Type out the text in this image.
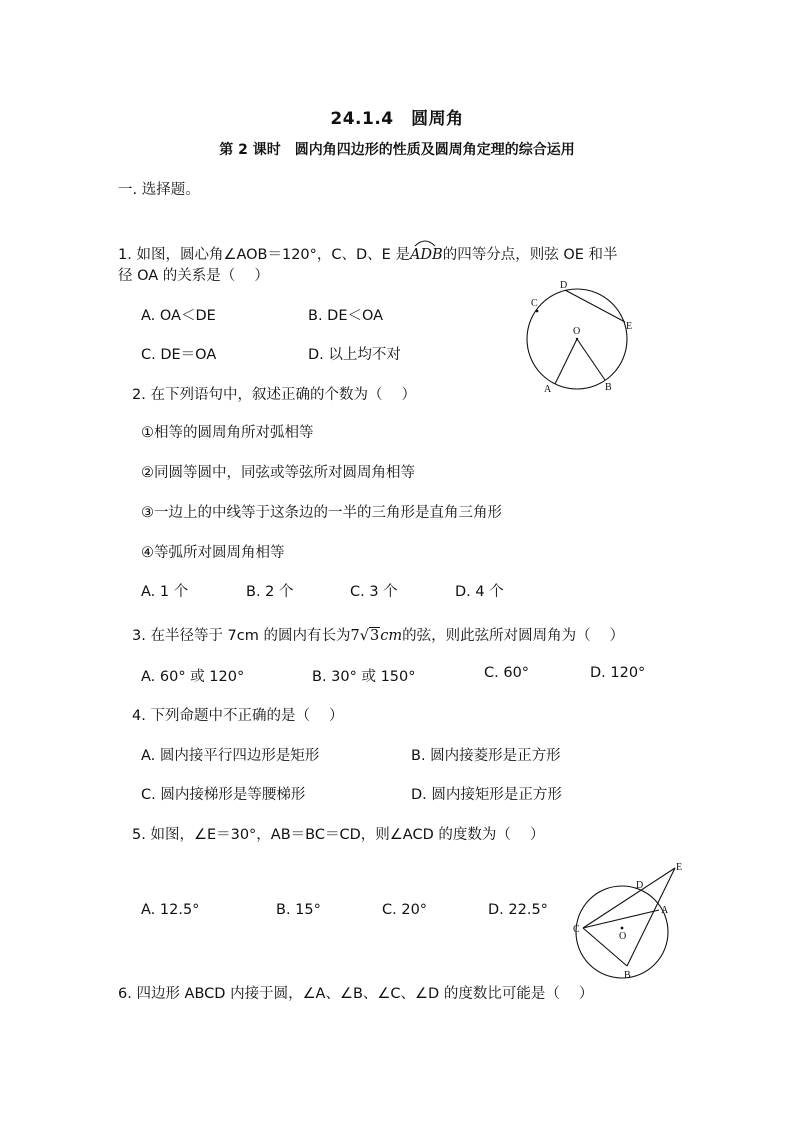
24.1.4　圆周角
第 2 课时　圆内角四边形的性质及圆周角定理的综合运用
一. 选择题。
1. 如图，圆心角∠AOB＝120°，C、D、E 是
ADB的四等分点，则弦 OE 和半
径 OA 的关系是（　 ）
A. OA＜DE	B. DE＜OA
C. DE＝OA	D. 以上均不对
D
C
O	E
A	B
2. 在下列语句中，叙述正确的个数为（　 ）
①相等的圆周角所对弧相等
②同圆等圆中，同弦或等弦所对圆周角相等
③一边上的中线等于这条边的一半的三角形是直角三角形
④等弧所对圆周角相等
A. 1 个	B. 2 个	C. 3 个	D. 4 个
3. 在半径等于 7cm 的圆内有长为7√3cm的弦，则此弦所对圆周角为（　 ）
A. 60° 或 120°	B. 30° 或 150°	C. 60°	D. 120°
4. 下列命题中不正确的是（　 ）
A. 圆内接平行四边形是矩形	B. 圆内接菱形是正方形
C. 圆内接梯形是等腰梯形	D. 圆内接矩形是正方形
5. 如图，∠E＝30°，AB＝BC＝CD，则∠ACD 的度数为（　 ）
A. 12.5°	B. 15°	C. 20°	D. 22.5°
E
D
A
C
O
B
6. 四边形 ABCD 内接于圆，∠A、∠B、∠C、∠D 的度数比可能是（　 ）
